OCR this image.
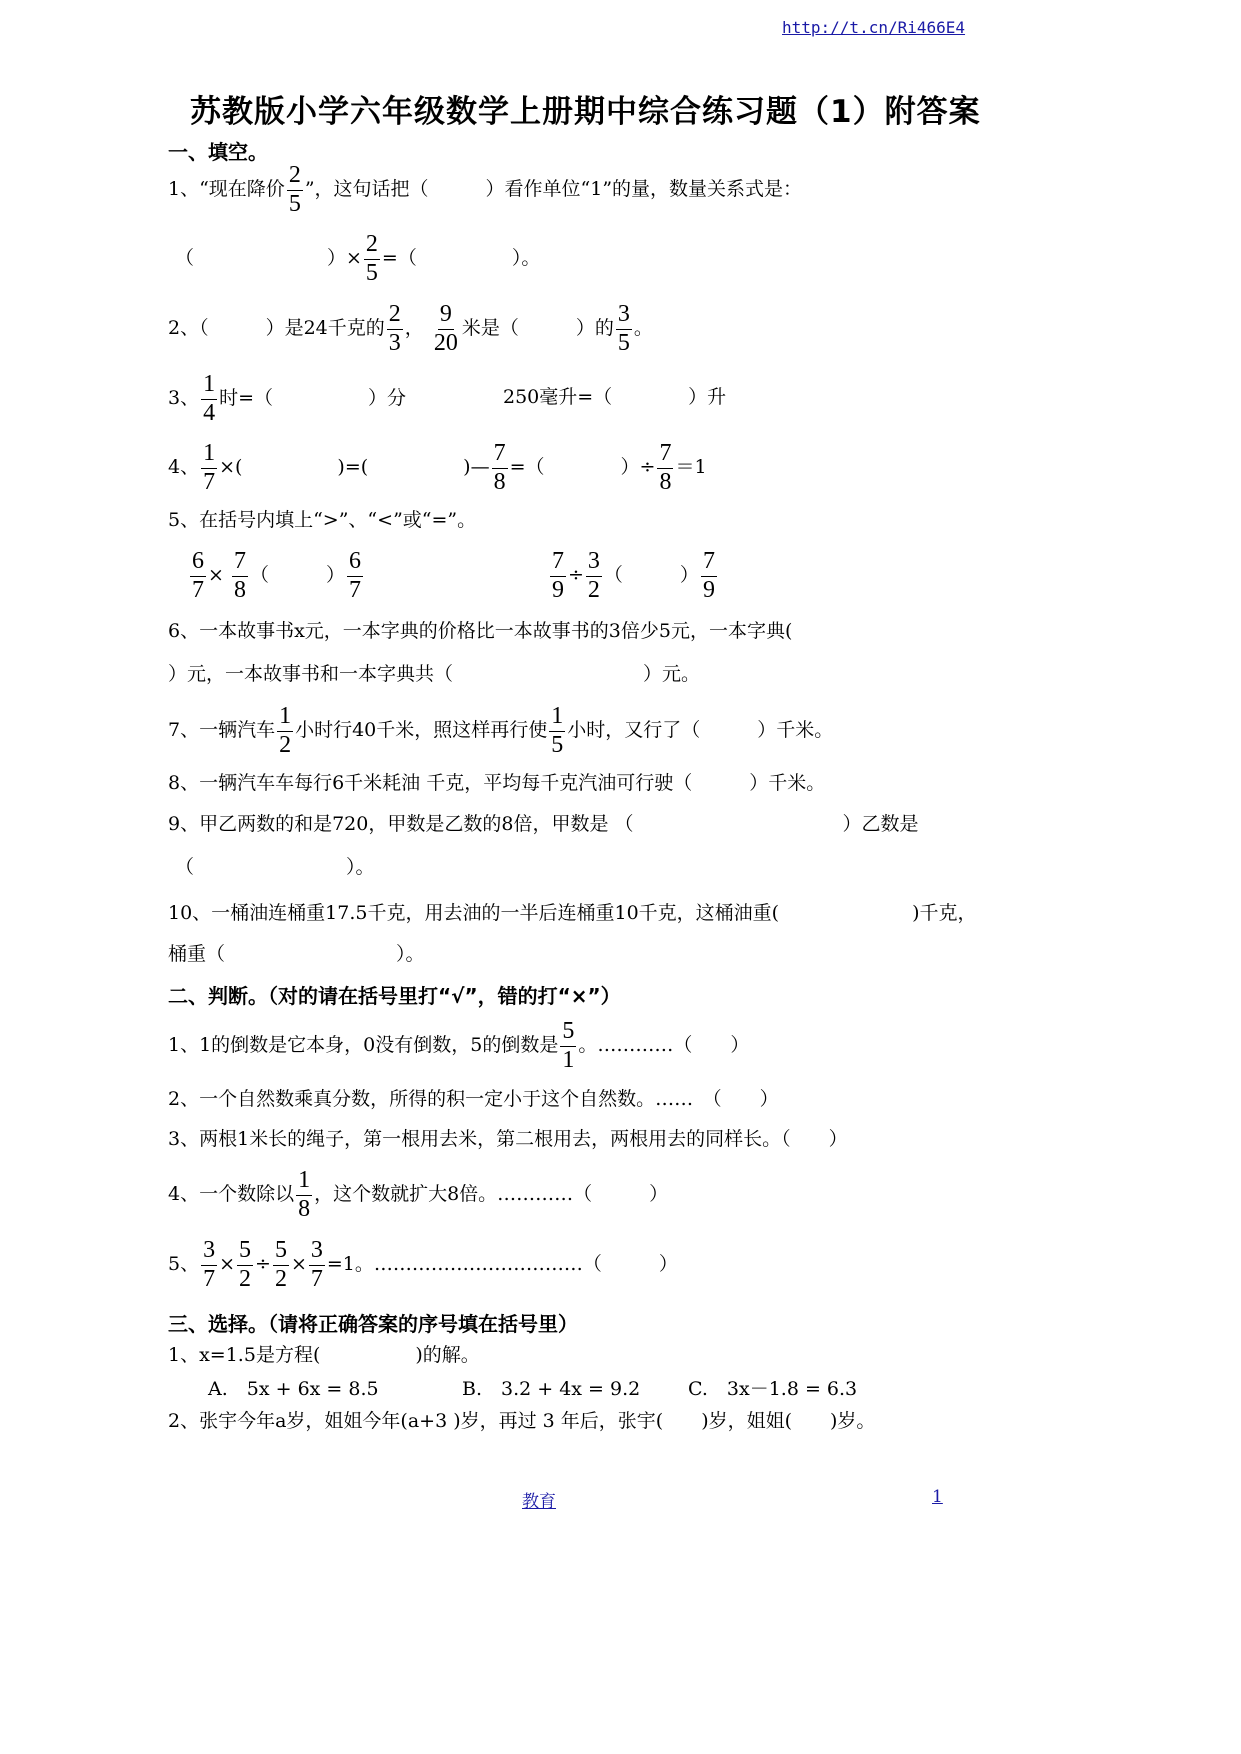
http://t.cn/Ri466E4
苏教版小学六年级数学上册期中综合练习题（1）附答案
一、填空。
1、“现在降价 $\frac{2}{5}$ ”，这句话把（　　　）看作单位“1”的量，数量关系式是：
（　　　　　　　）× $\frac{2}{5}$ =（　　　　　）。
2、（　　　）是24千克的 $\frac{2}{3}$ ， $\frac{9}{20}$ 米是（　　　）的 $\frac{3}{5}$ 。
3、 $\frac{1}{4}$ 时=（　　　　　）分	250毫升=（　　　　）升
4、 $\frac{1}{7}$ ×(　　　　　)=(　　　　　)— $\frac{7}{8}$ =（　　　　）÷ $\frac{7}{8} =1$
5、在括号内填上“>”、“<”或“=”。
$\frac{6}{7} \times \frac{7}{8}$ （　　　） $\frac{6}{7}$	$\frac{7}{9} \div \frac{3}{2}$ （　　　） $\frac{7}{9}$
6、一本故事书x元，一本字典的价格比一本故事书的3倍少5元，一本字典(
）元，一本故事书和一本字典共（　　　　　　　　　　）元。
7、一辆汽车 $\frac{1}{2}$ 小时行40千米，照这样再行使 $\frac{1}{5}$ 小时，又行了（　　　）千米。
8、一辆汽车车每行6千米耗油 千克，平均每千克汽油可行驶（　　　）千米。
9、甲乙两数的和是720，甲数是乙数的8倍，甲数是 （　　　　　　　　　　　）乙数是
（　　　　　　　　）。
10、一桶油连桶重17.5千克，用去油的一半后连桶重10千克，这桶油重(　　　　　　　)千克，
桶重（　　　　　　　　　）。
二、判断。（对的请在括号里打“√”，错的打“×”）
1、1的倒数是它本身，0没有倒数，5的倒数是 $\frac{5}{1}$ 。…………（　　）
2、一个自然数乘真分数，所得的积一定小于这个自然数。……　（　　）
3、两根1米长的绳子，第一根用去米，第二根用去，两根用去的同样长。（　　）
4、一个数除以 $\frac{1}{8}$ ，这个数就扩大8倍。…………（　　　）
5、 $\frac{3}{7} \times \frac{5}{2} \div \frac{5}{2} \times \frac{3}{7} =1$。……………………………（　　　）
三、选择。（请将正确答案的序号填在括号里）
1、x=1.5是方程(　　　　　)的解。
A.　5x + 6x = 8.5	B.　3.2 + 4x = 9.2	C.　3x－1.8 = 6.3
2、张宇今年a岁，姐姐今年(a+3 )岁，再过 3 年后，张宇(　　)岁，姐姐(　　)岁。
教育	1
